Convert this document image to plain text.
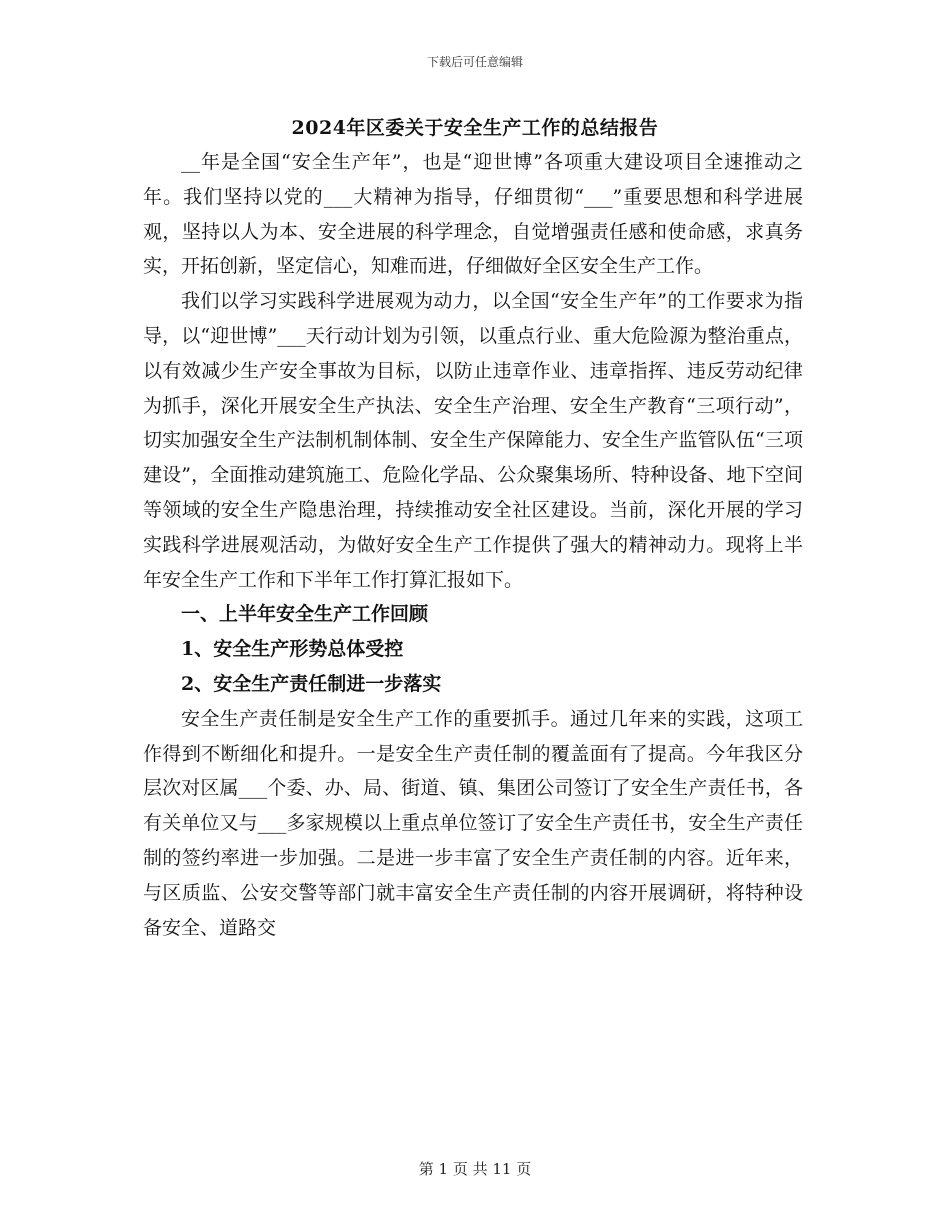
下载后可任意编辑
2024年区委关于安全生产工作的总结报告

__年是全国“安全生产年”，也是“迎世博”各项重大建设项目全速推动之年。我们坚持以党的___大精神为指导，仔细贯彻“___”重要思想和科学进展观，坚持以人为本、安全进展的科学理念，自觉增强责任感和使命感，求真务实，开拓创新，坚定信心，知难而进，仔细做好全区安全生产工作。

我们以学习实践科学进展观为动力，以全国“安全生产年”的工作要求为指导，以“迎世博”___天行动计划为引领，以重点行业、重大危险源为整治重点，以有效减少生产安全事故为目标，以防止违章作业、违章指挥、违反劳动纪律为抓手，深化开展安全生产执法、安全生产治理、安全生产教育“三项行动”，切实加强安全生产法制机制体制、安全生产保障能力、安全生产监管队伍“三项建设”，全面推动建筑施工、危险化学品、公众聚集场所、特种设备、地下空间等领域的安全生产隐患治理，持续推动安全社区建设。当前，深化开展的学习实践科学进展观活动，为做好安全生产工作提供了强大的精神动力。现将上半年安全生产工作和下半年工作打算汇报如下。

一、上半年安全生产工作回顾
1、安全生产形势总体受控
2、安全生产责任制进一步落实

安全生产责任制是安全生产工作的重要抓手。通过几年来的实践，这项工作得到不断细化和提升。一是安全生产责任制的覆盖面有了提高。今年我区分层次对区属___个委、办、局、街道、镇、集团公司签订了安全生产责任书，各有关单位又与___多家规模以上重点单位签订了安全生产责任书，安全生产责任制的签约率进一步加强。二是进一步丰富了安全生产责任制的内容。近年来，与区质监、公安交警等部门就丰富安全生产责任制的内容开展调研，将特种设备安全、道路交

第 1 页 共 11 页
